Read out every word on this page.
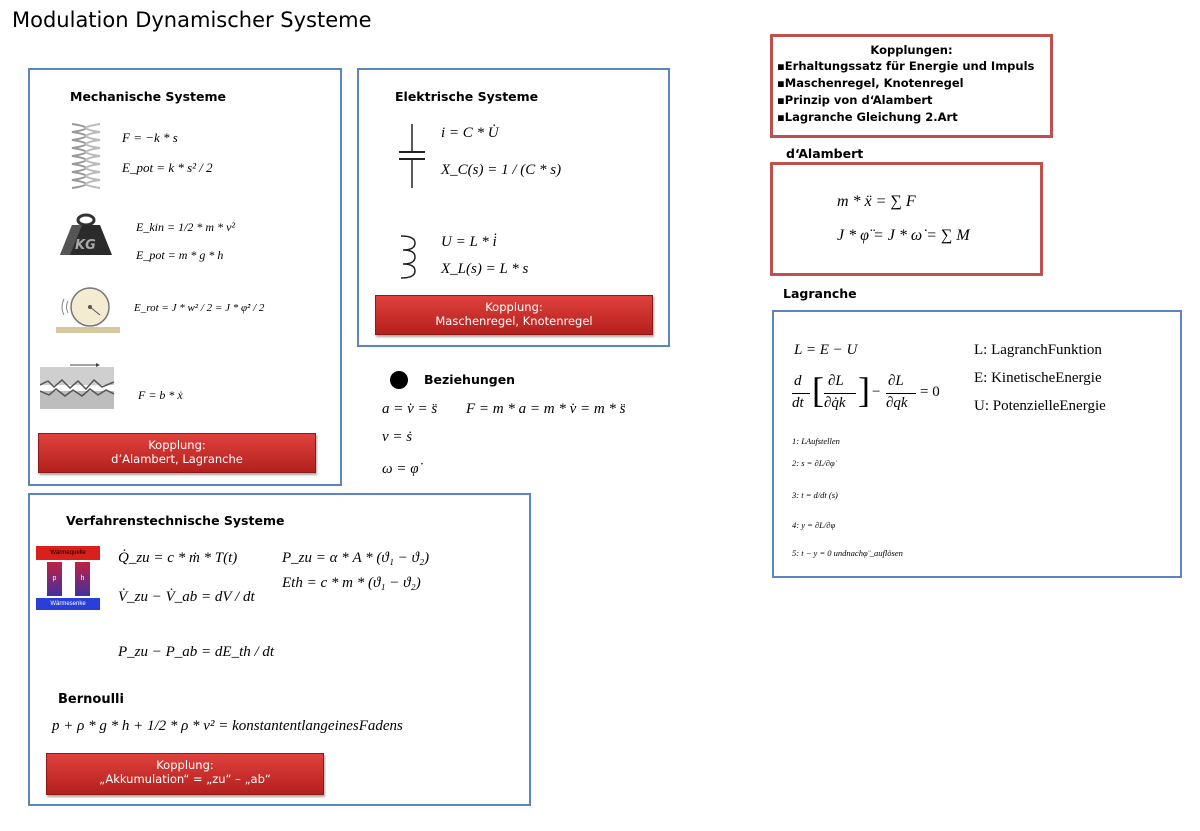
Modulation Dynamischer Systeme
Mechanische Systeme
F = −k * s
E_pot = k * s² / 2
KG
E_kin = 1/2 * m * v²
E_pot = m * g * h
E_rot = J * w² / 2 = J * φ̇² / 2
F = b * ẋ
Kopplung:
d’Alambert, Lagranche
Elektrische Systeme
i = C * U̇
X_C(s) = 1 / (C * s)
U = L * i̇
X_L(s) = L * s
Kopplung:
Maschenregel, Knotenregel
Beziehungen
a = v̇ = s̈ F = m * a = m * v̇ = m * s̈
v = ṡ
ω = φ̇
Verfahrenstechnische Systeme
Wärmequelle
p	h
Wärmesenke
Q̇_zu = c * ṁ * T(t)
V̇_zu − V̇_ab = dV / dt
P_zu − P_ab = dE_th / dt
P_zu = α * A * (ϑ₁ − ϑ₂)
Eth = c * m * (ϑ₁ − ϑ₂)
Bernoulli
p + ρ * g * h + 1/2 * ρ * v² = konstantentlangeinesFadens
Kopplung:
„Akkumulation“ = „zu“ – „ab“
Kopplungen:
▪Erhaltungssatz für Energie und Impuls
▪Maschenregel, Knotenregel
▪Prinzip von d‘Alambert
▪Lagranche Gleichung 2.Art
d‘Alambert
m * ẍ = ∑ F
J * φ̈ = J * ω̇ = ∑ M
Lagranche
L = E − U
d
dt [ ∂L
∂q̇k ] −
∂L
∂qk
= 0
L: LagranchFunktion
E: KinetischeEnergie
U: PotenzielleEnergie
1: LAufstellen
2: s = ∂L/∂φ̇
3: t = d/dt (s)
4: y = ∂L/∂φ
5: t − y = 0 undnachφ̈ _auflösen
